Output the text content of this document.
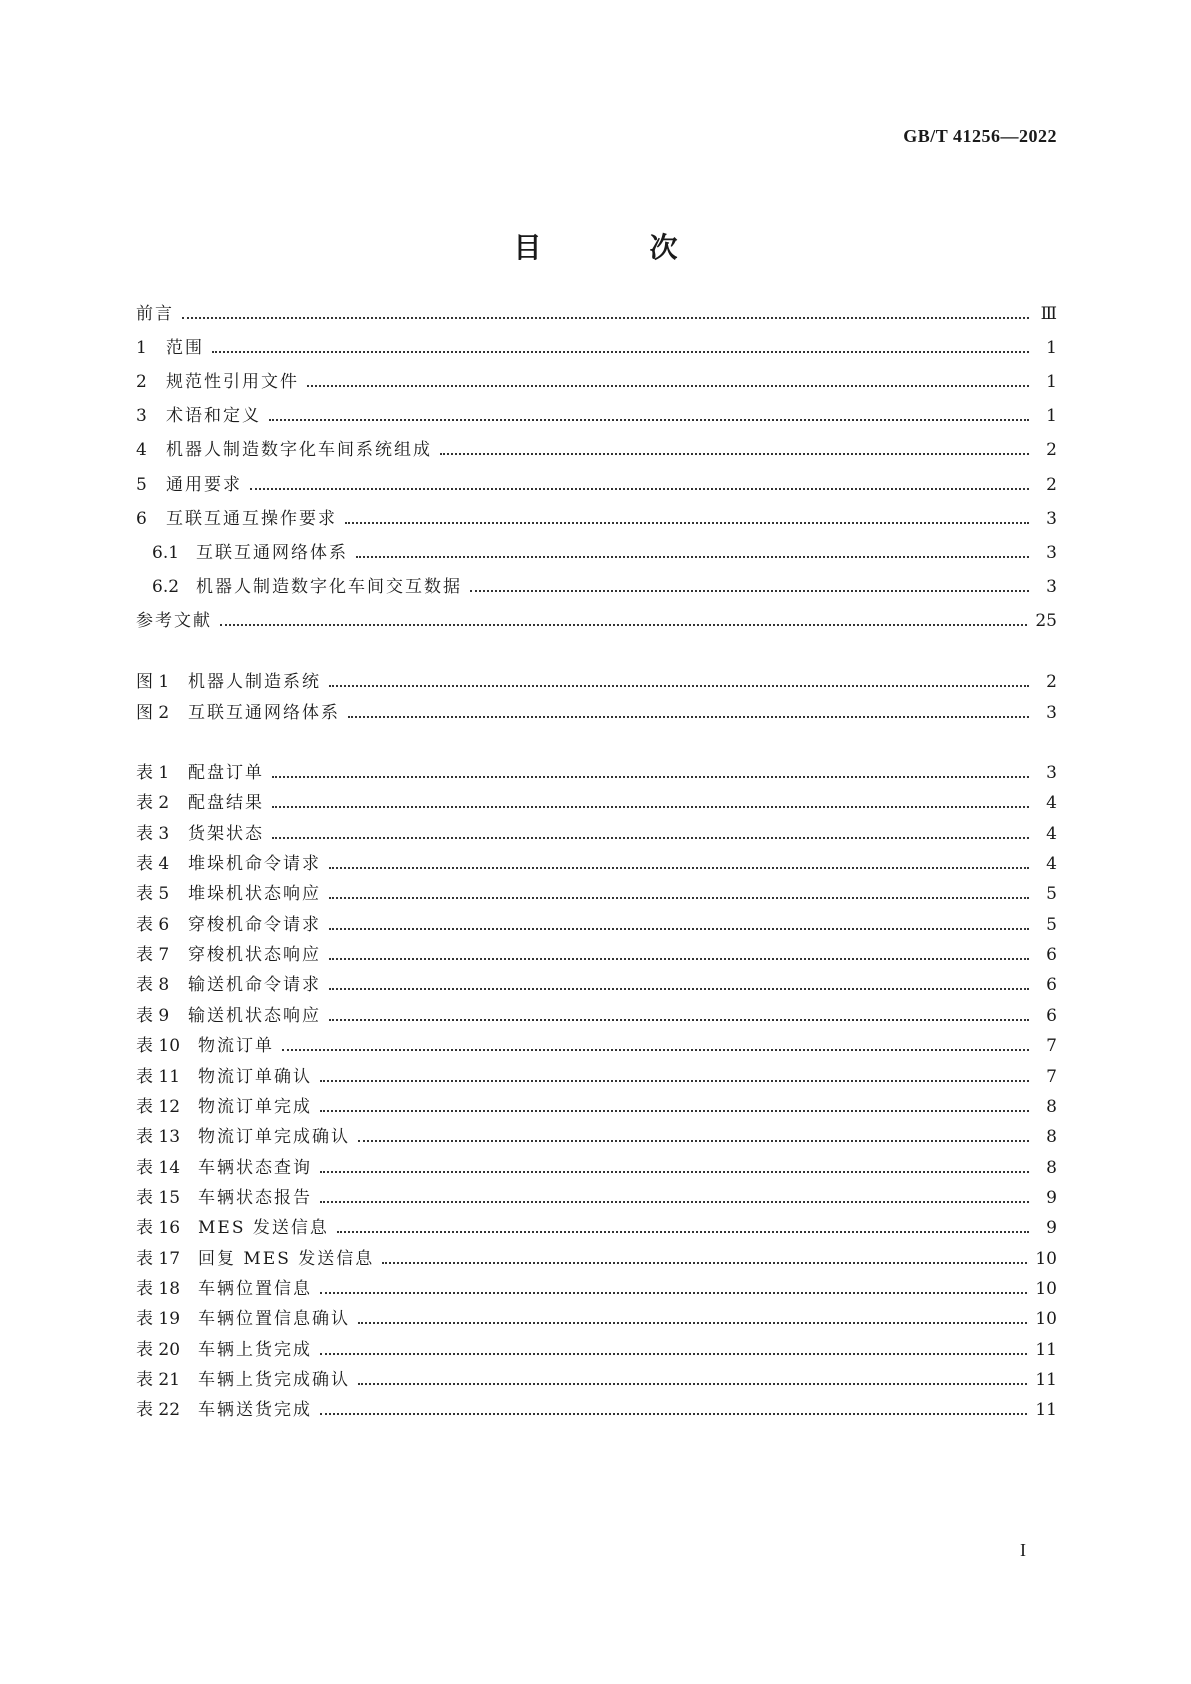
GB/T 41256—2022
目　次
前言	Ⅲ
1	范围	1
2	规范性引用文件	1
3	术语和定义	1
4	机器人制造数字化车间系统组成	2
5	通用要求	2
6	互联互通互操作要求	3
6.1 互联互通网络体系	3
6.2 机器人制造数字化车间交互数据	3
参考文献	25
图 1	机器人制造系统	2
图 2	互联互通网络体系	3
表 1	配盘订单	3
表 2	配盘结果	4
表 3	货架状态	4
表 4	堆垛机命令请求	4
表 5	堆垛机状态响应	5
表 6	穿梭机命令请求	5
表 7	穿梭机状态响应	6
表 8	输送机命令请求	6
表 9	输送机状态响应	6
表 10	物流订单	7
表 11	物流订单确认	7
表 12	物流订单完成	8
表 13	物流订单完成确认	8
表 14	车辆状态查询	8
表 15	车辆状态报告	9
表 16	MES 发送信息	9
表 17	回复 MES 发送信息	10
表 18	车辆位置信息	10
表 19	车辆位置信息确认	10
表 20	车辆上货完成	11
表 21	车辆上货完成确认	11
表 22	车辆送货完成	11
I
